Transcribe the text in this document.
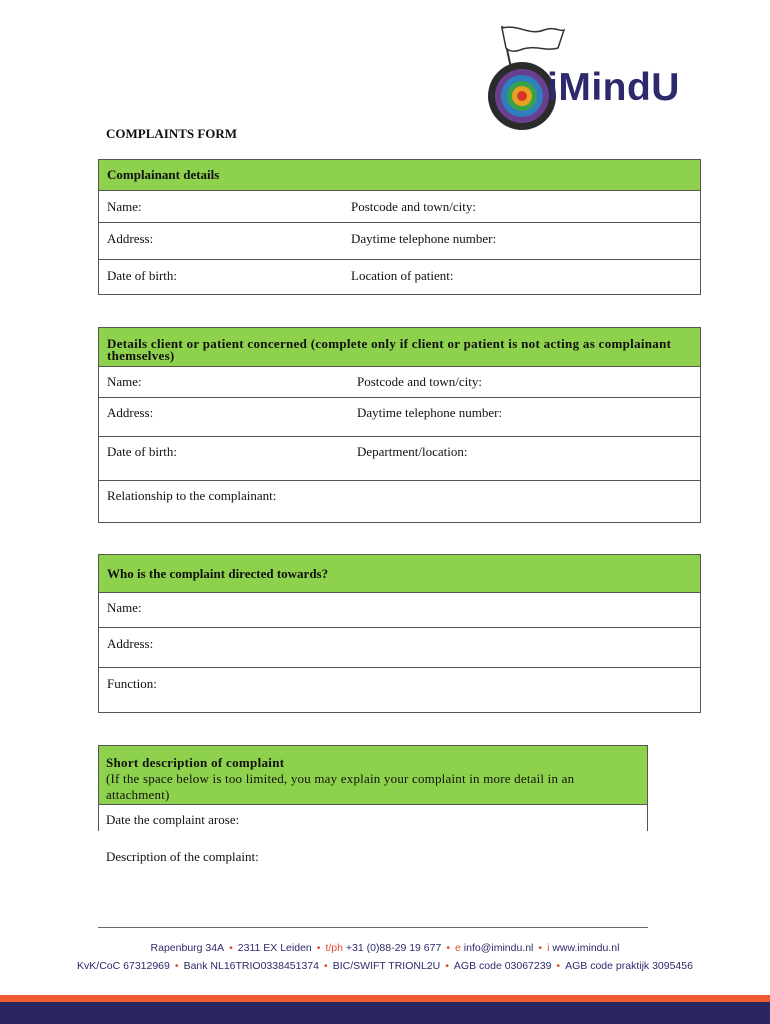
iMindU
COMPLAINTS FORM
Complainant details
Name:	Postcode and town/city:
Address:	Daytime telephone number:
Date of birth:	Location of patient:
Details client or patient concerned (complete only if client or patient is not acting as complainant themselves)
Name:	Postcode and town/city:
Address:	Daytime telephone number:
Date of birth:	Department/location:
Relationship to the complainant:
Who is the complaint directed towards?
Name:
Address:
Function:
Short description of complaint
(If the space below is too limited, you may explain your complaint in more detail in an attachment)
Date the complaint arose:
Description of the complaint:
Rapenburg 34A • 2311 EX Leiden • t/ph +31 (0)88-29 19 677 • e info@imindu.nl • i www.imindu.nl
KvK/CoC 67312969 • Bank NL16TRIO0338451374 • BIC/SWIFT TRIONL2U • AGB code 03067239 • AGB code praktijk 3095456
